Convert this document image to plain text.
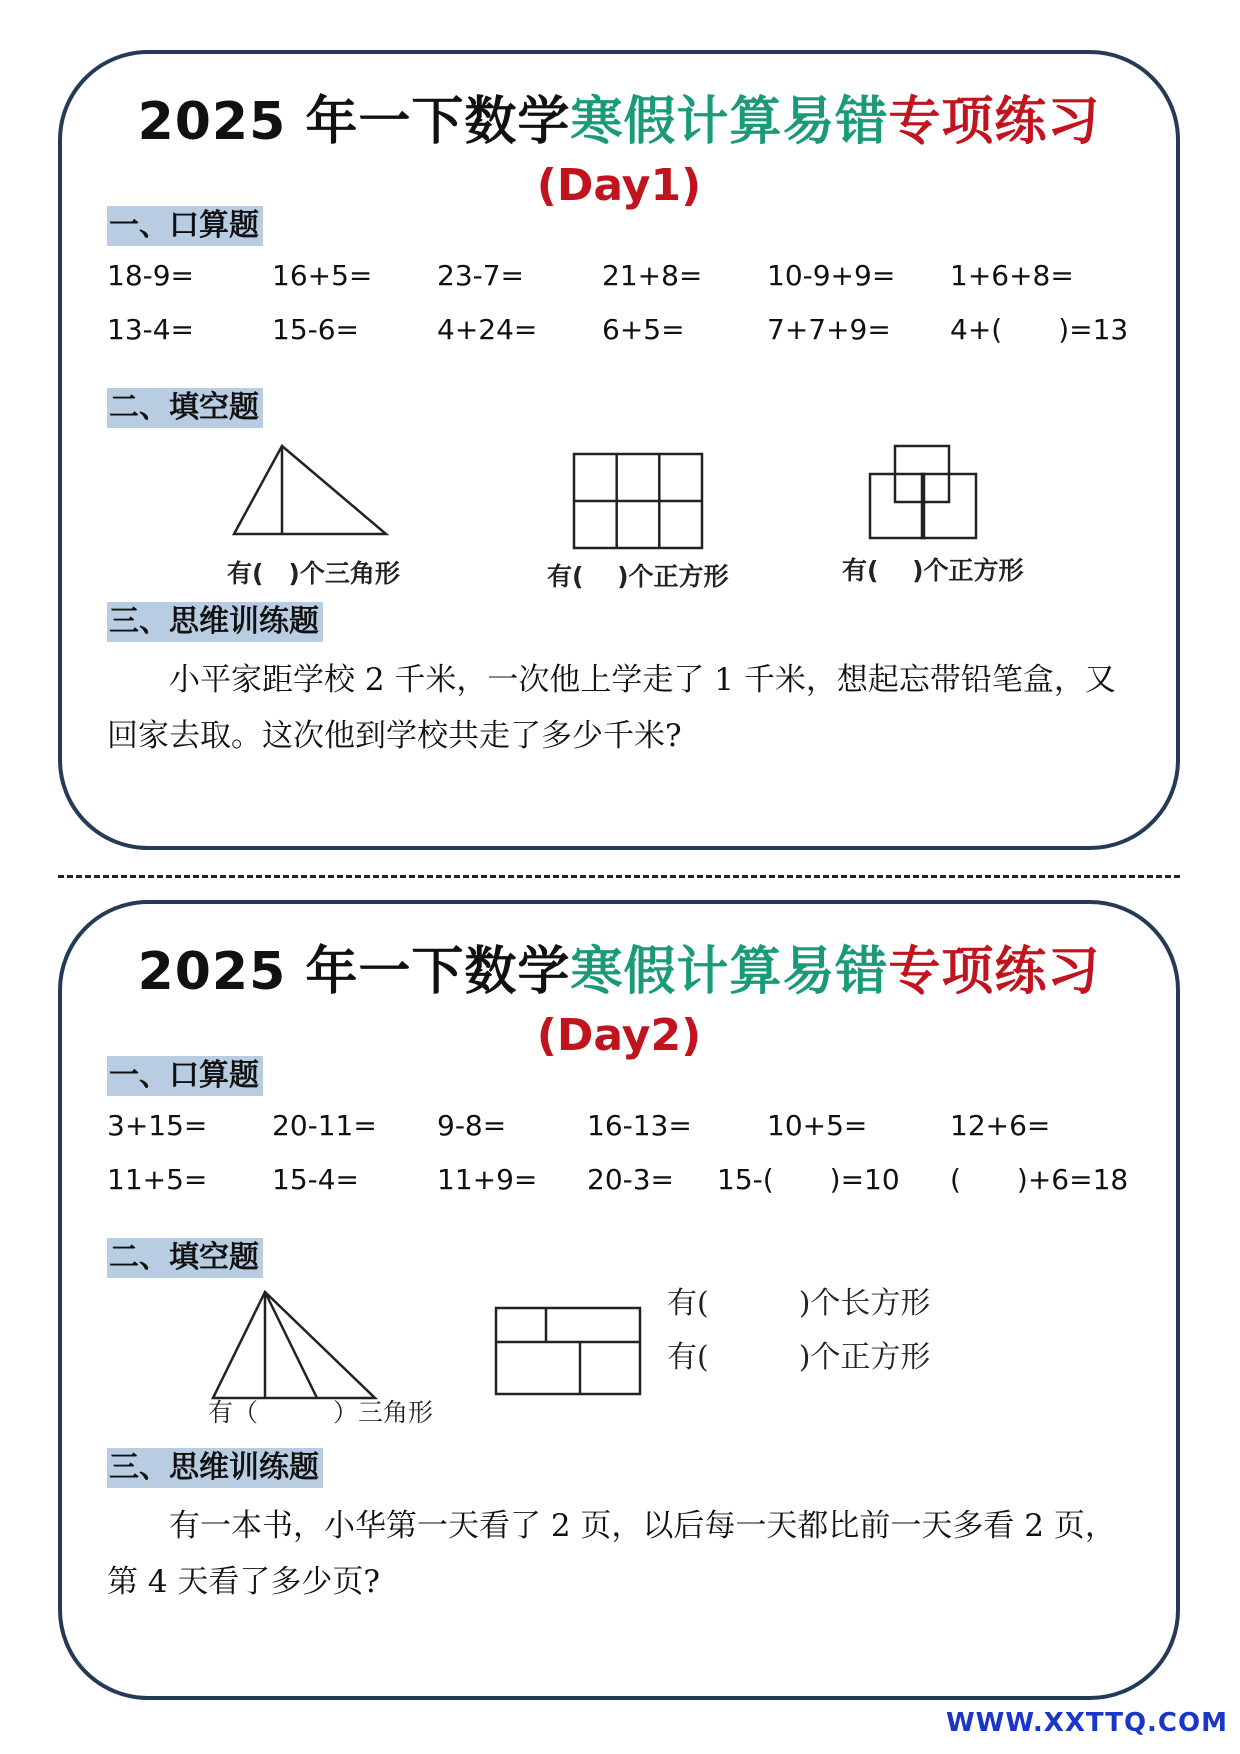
2025 年一下数学寒假计算易错专项练习
(Day1)
一、口算题
18-9=	16+5= 23-7=	21+8= 10-9+9= 1+6+8=
13-4=	15-6=	4+24= 6+5=	7+7+9= 4+(　　)=13
二、填空题
有(　)个三角形	有(　 )个正方形	有(　 )个正方形
三、思维训练题
小平家距学校 2 千米，一次他上学走了 1 千米，想起忘带铅笔盒，又回家去取。这次他到学校共走了多少千米?
2025 年一下数学寒假计算易错专项练习
(Day2)
一、口算题
3+15= 20-11= 9-8=	16-13=	10+5=	12+6=
11+5= 15-4=	11+9= 20-3= 15-(　　)=10 (　　)+6=18
二、填空题
有（　　　）三角形
有(　　　)个长方形
有(　　　)个正方形
三、思维训练题
有一本书，小华第一天看了 2 页，以后每一天都比前一天多看 2 页，第 4 天看了多少页?
WWW.XXTTQ.COM
